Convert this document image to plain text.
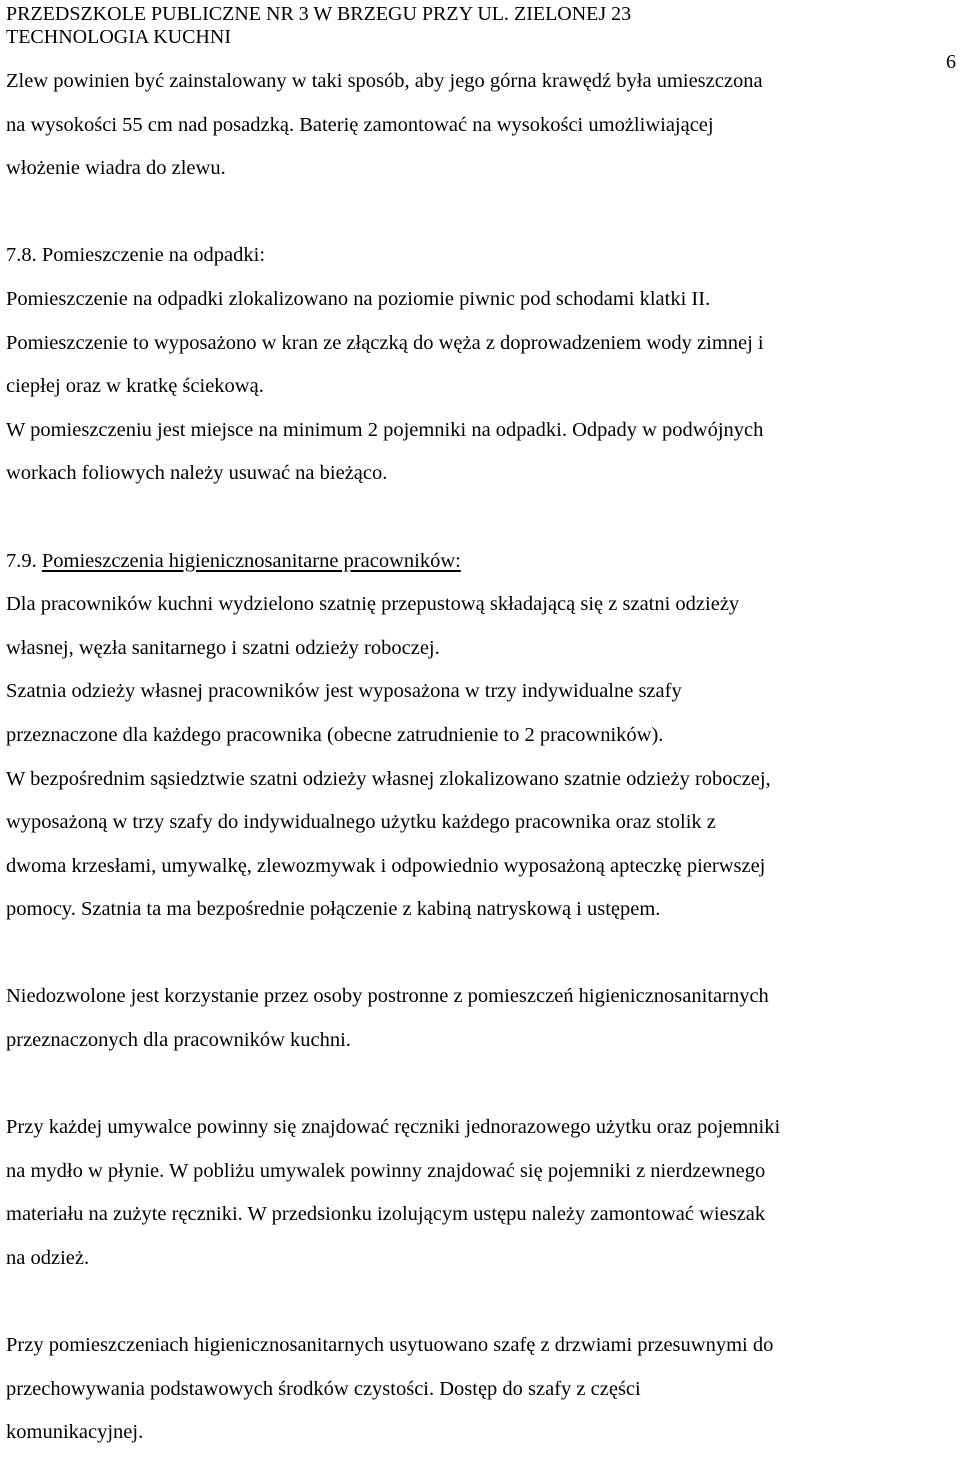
PRZEDSZKOLE PUBLICZNE NR 3 W BRZEGU PRZY UL. ZIELONEJ 23
TECHNOLOGIA KUCHNI
6

Zlew powinien być zainstalowany w taki sposób, aby jego górna krawędź była umieszczona
na wysokości 55 cm nad posadzką. Baterię zamontować na wysokości umożliwiającej
włożenie wiadra do zlewu.

7.8. Pomieszczenie na odpadki:
Pomieszczenie na odpadki zlokalizowano na poziomie piwnic pod schodami klatki II.
Pomieszczenie to wyposażono w kran ze złączką do węża z doprowadzeniem wody zimnej i
ciepłej oraz w kratkę ściekową.
W pomieszczeniu jest miejsce na minimum 2 pojemniki na odpadki. Odpady w podwójnych
workach foliowych należy usuwać na bieżąco.

7.9. Pomieszczenia higienicznosanitarne pracowników:
Dla pracowników kuchni wydzielono szatnię przepustową składającą się z szatni odzieży
własnej, węzła sanitarnego i szatni odzieży roboczej.
Szatnia odzieży własnej pracowników jest wyposażona w trzy indywidualne szafy
przeznaczone dla każdego pracownika (obecne zatrudnienie to 2 pracowników).
W bezpośrednim sąsiedztwie szatni odzieży własnej zlokalizowano szatnie odzieży roboczej,
wyposażoną w trzy szafy do indywidualnego użytku każdego pracownika oraz stolik z
dwoma krzesłami, umywalkę, zlewozmywak i odpowiednio wyposażoną apteczkę pierwszej
pomocy. Szatnia ta ma bezpośrednie połączenie z kabiną natryskową i ustępem.

Niedozwolone jest korzystanie przez osoby postronne z pomieszczeń higienicznosanitarnych
przeznaczonych dla pracowników kuchni.

Przy każdej umywalce powinny się znajdować ręczniki jednorazowego użytku oraz pojemniki
na mydło w płynie. W pobliżu umywalek powinny znajdować się pojemniki z nierdzewnego
materiału na zużyte ręczniki. W przedsionku izolującym ustępu należy zamontować wieszak
na odzież.

Przy pomieszczeniach higienicznosanitarnych usytuowano szafę z drzwiami przesuwnymi do
przechowywania podstawowych środków czystości. Dostęp do szafy z części
komunikacyjnej.
